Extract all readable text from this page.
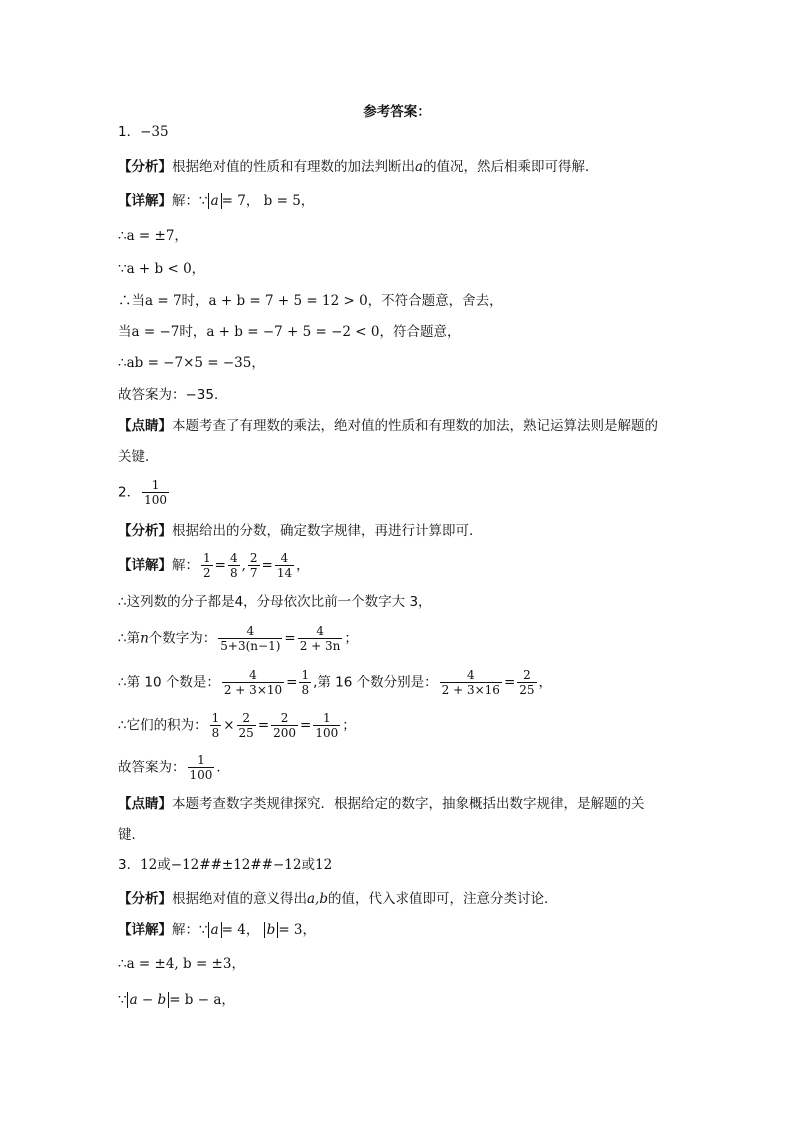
参考答案：
1．−35
【分析】根据绝对值的性质和有理数的加法判断出a的值况，然后相乘即可得解．
【详解】解：∵ a = 7， b = 5，
∴a = ±7，
∵a + b < 0，
∴当a = 7时，a + b = 7 + 5 = 12 > 0，不符合题意，舍去，
当a = −7时，a + b = −7 + 5 = −2 < 0，符合题意，
∴ab = −7×5 = −35，
故答案为：−35．
【点睛】本题考查了有理数的乘法，绝对值的性质和有理数的加法，熟记运算法则是解题的
关键．
2． $\frac{1}{100}$
【分析】根据给出的分数，确定数字规律，再进行计算即可．
【详解】解： $\frac{1}{2} = \frac{4}{8}$ , $\frac{2}{7} = \frac{4}{14}$ ，
∴这列数的分子都是4，分母依次比前一个数字大 3，
∴第n个数字为： $\frac{4}{5+3(n-1)} = \frac{4}{2 + 3n}$ ；
∴第 10 个数是： $\frac{4}{2 + 3\times 10} = \frac{1}{8}$ ,第 16 个数分别是： $\frac{4}{2 + 3\times 16} = \frac{2}{25}$ ，
∴它们的积为： $\frac{1}{8} \times \frac{2}{25} = \frac{2}{200} = \frac{1}{100}$ ；
故答案为： $\frac{1}{100}$ ．
【点睛】本题考查数字类规律探究．根据给定的数字，抽象概括出数字规律，是解题的关
键．
3．12或−12##±12##−12或12
【分析】根据绝对值的意义得出a,b的值，代入求值即可，注意分类讨论．
【详解】解：∵ a = 4， b = 3，
∴a = ±4, b = ±3，
∵ a − b = b − a，
